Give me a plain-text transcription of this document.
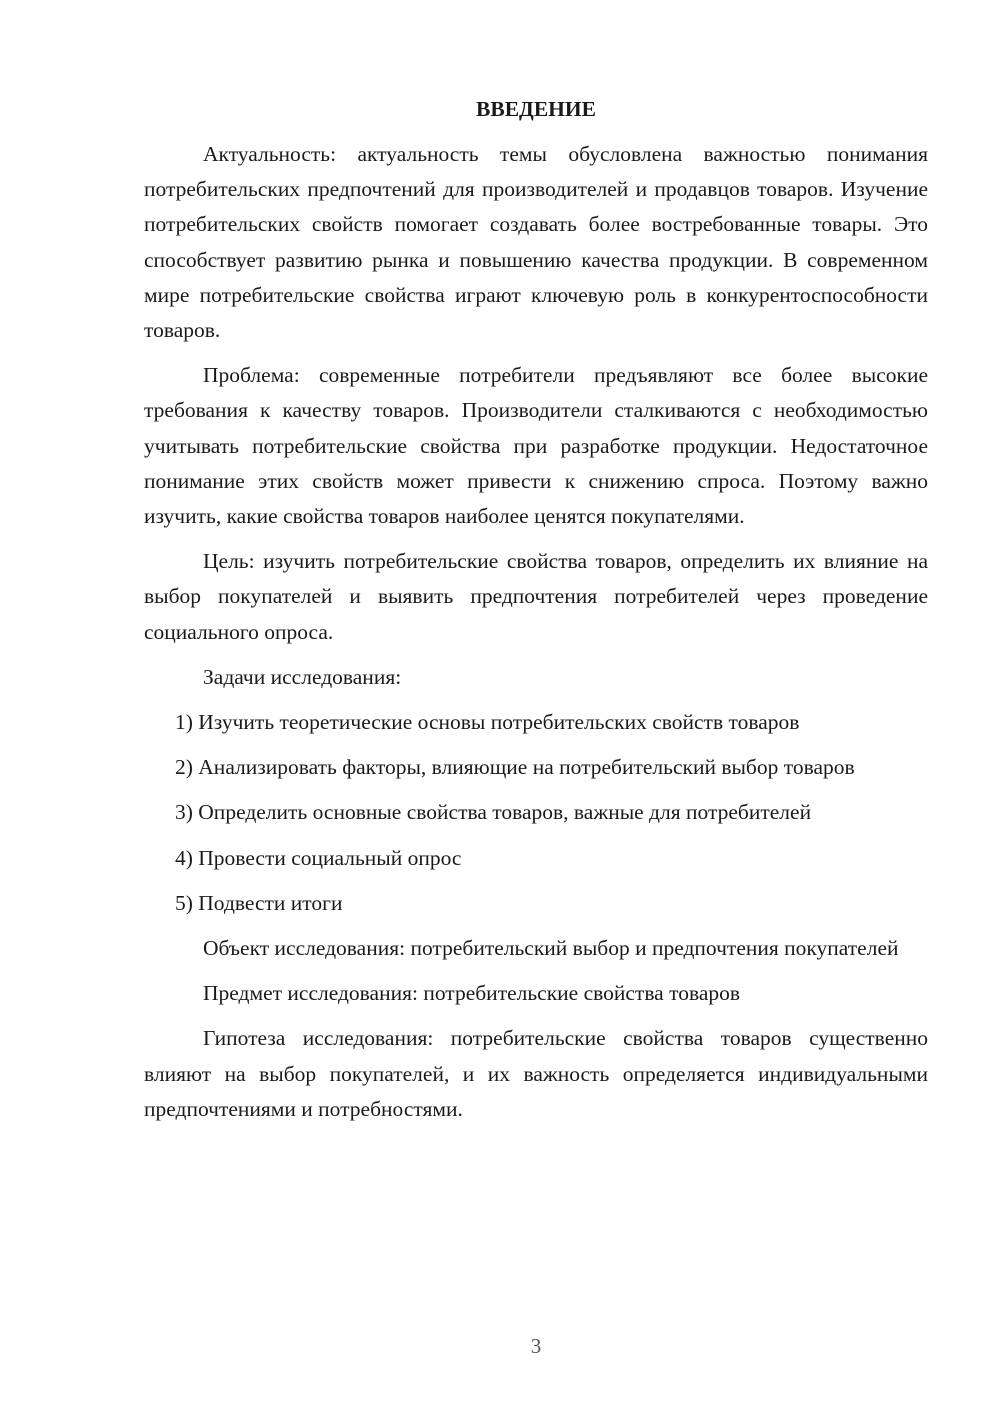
ВВЕДЕНИЕ

Актуальность: актуальность темы обусловлена важностью понимания потребительских предпочтений для производителей и продавцов товаров. Изучение потребительских свойств помогает создавать более востребованные товары. Это способствует развитию рынка и повышению качества продукции. В современном мире потребительские свойства играют ключевую роль в конкурентоспособности товаров.

Проблема: современные потребители предъявляют все более высокие требования к качеству товаров. Производители сталкиваются с необходимостью учитывать потребительские свойства при разработке продукции. Недостаточное понимание этих свойств может привести к снижению спроса. Поэтому важно изучить, какие свойства товаров наиболее ценятся покупателями.

Цель: изучить потребительские свойства товаров, определить их влияние на выбор покупателей и выявить предпочтения потребителей через проведение социального опроса.

Задачи исследования:

1) Изучить теоретические основы потребительских свойств товаров

2) Анализировать факторы, влияющие на потребительский выбор товаров

3) Определить основные свойства товаров, важные для потребителей

4) Провести социальный опрос

5) Подвести итоги

Объект исследования: потребительский выбор и предпочтения покупателей

Предмет исследования: потребительские свойства товаров

Гипотеза исследования: потребительские свойства товаров существенно влияют на выбор покупателей, и их важность определяется индивидуальными предпочтениями и потребностями.

3
